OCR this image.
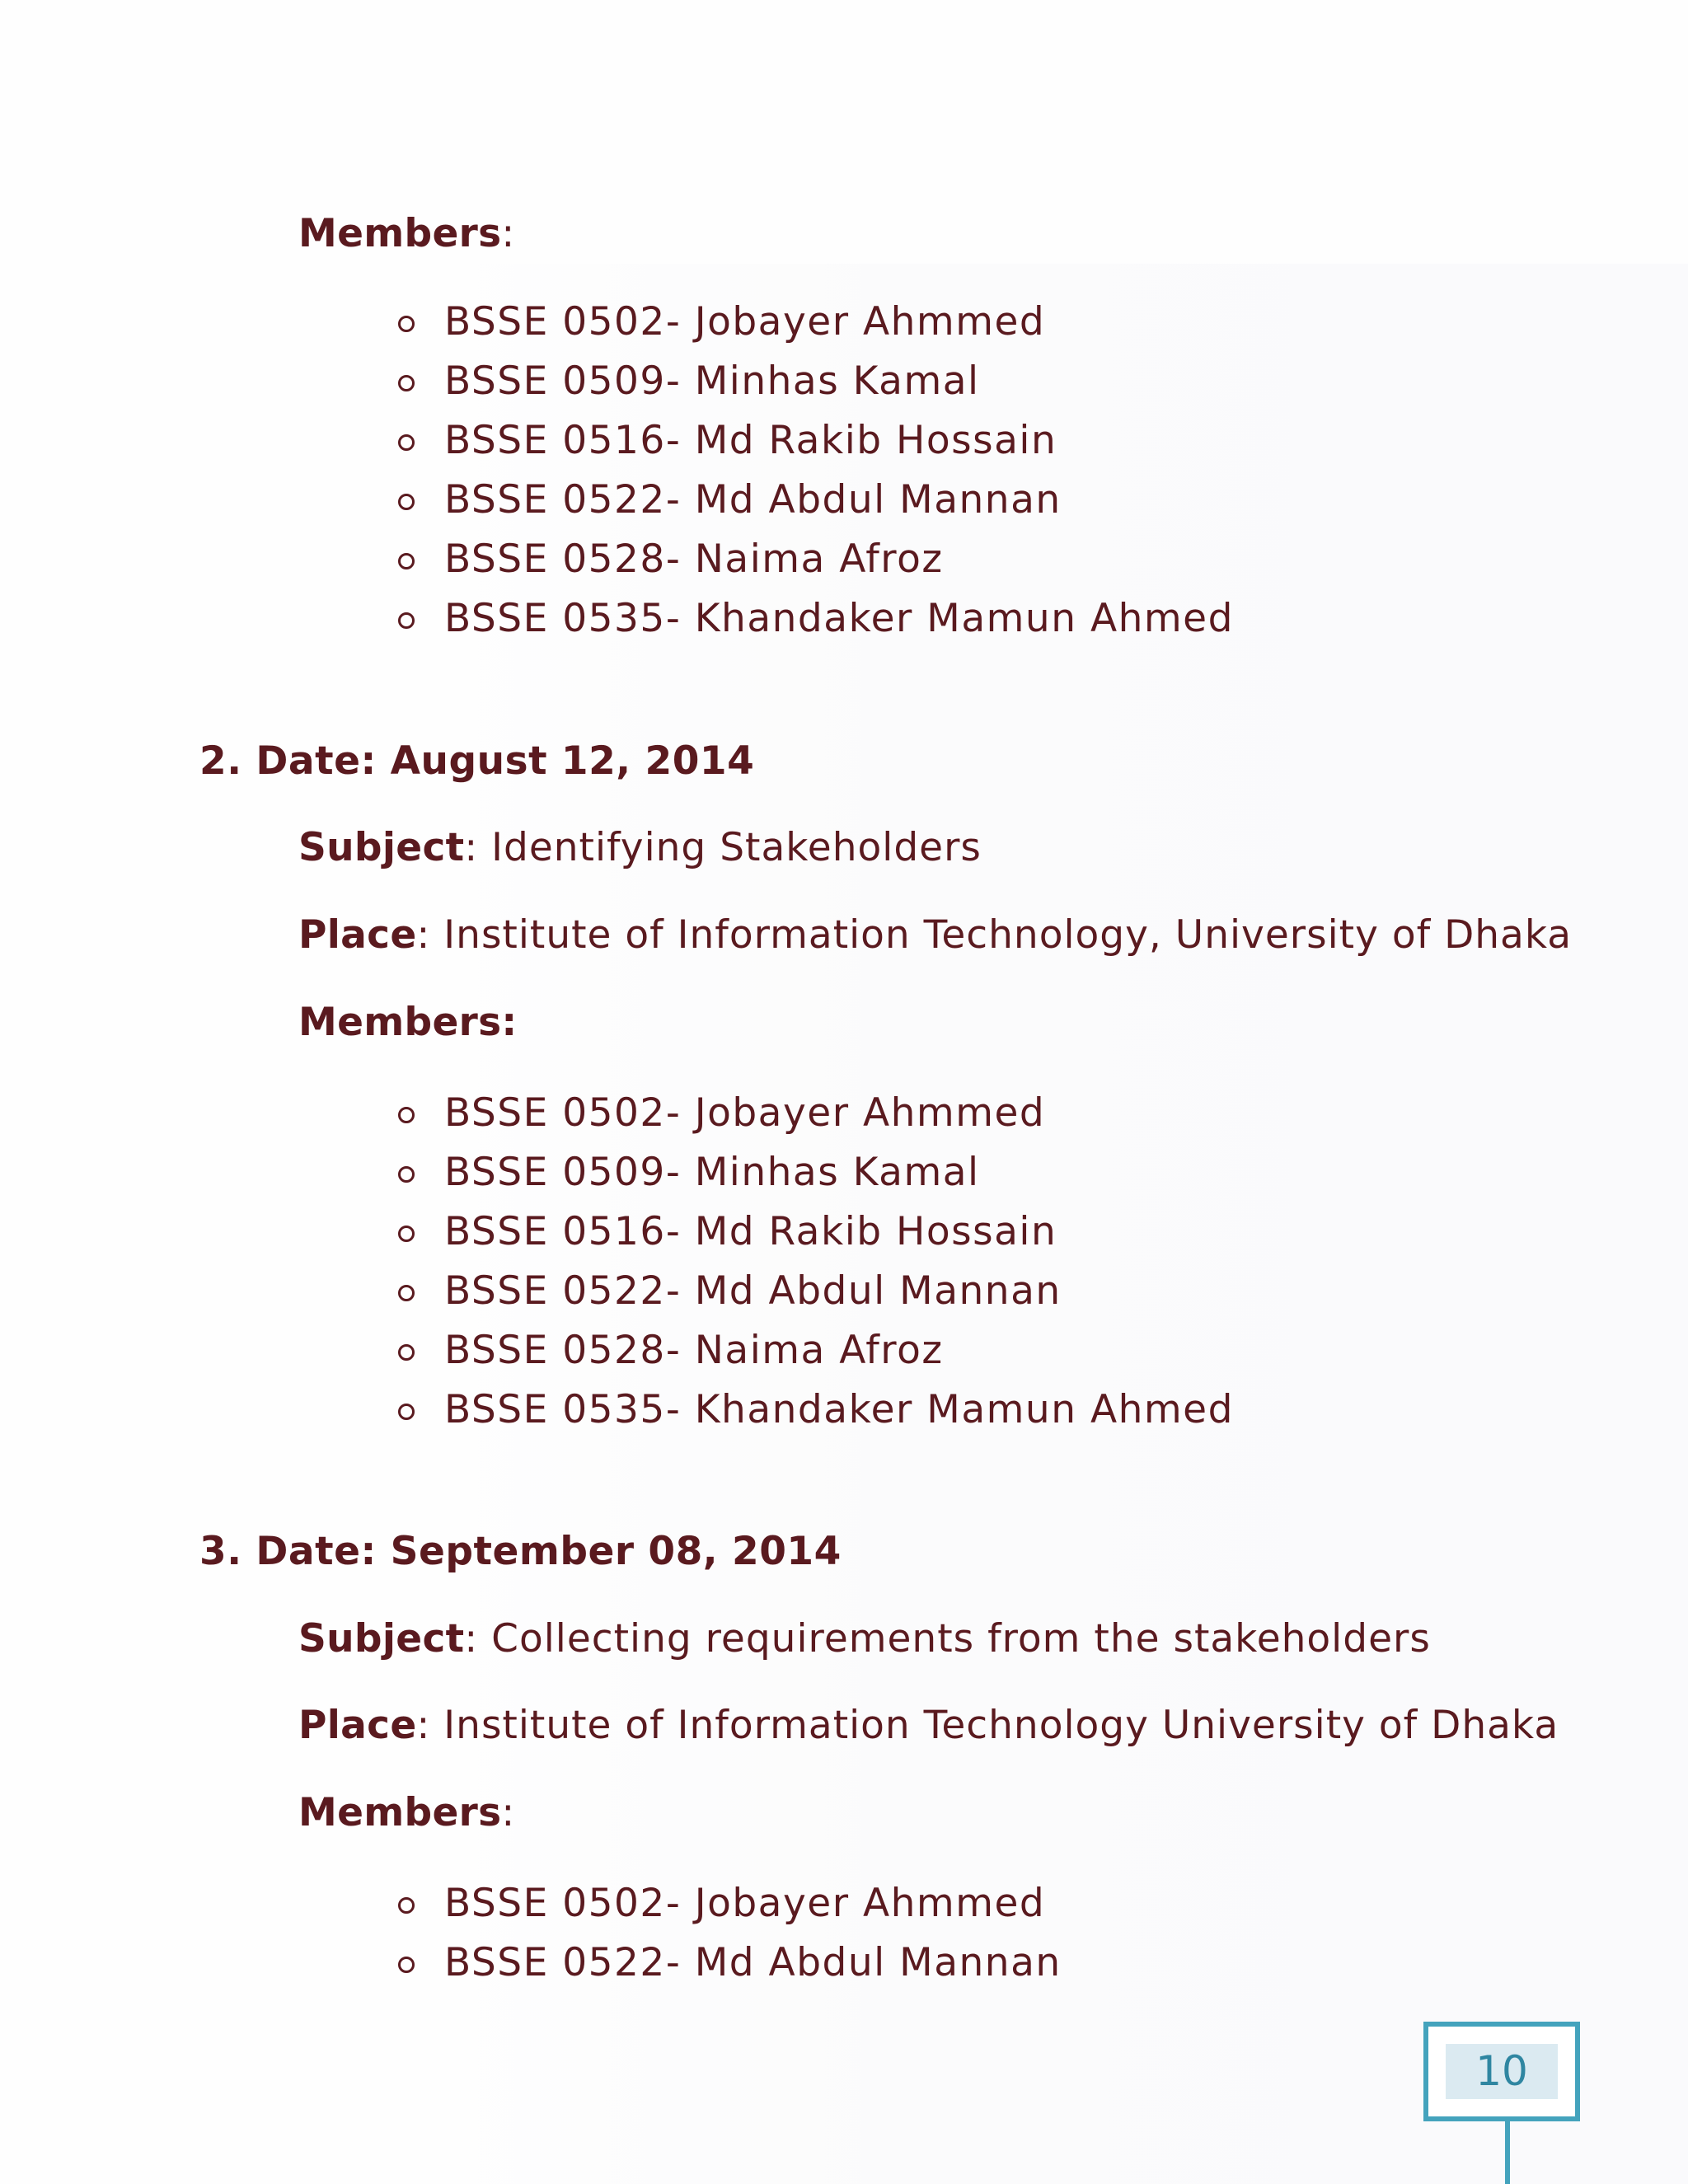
Members:
BSSE 0502- Jobayer Ahmmed
BSSE 0509- Minhas Kamal
BSSE 0516- Md Rakib Hossain
BSSE 0522- Md Abdul Mannan
BSSE 0528- Naima Afroz
BSSE 0535- Khandaker Mamun Ahmed
2. Date: August 12, 2014
Subject: Identifying Stakeholders
Place: Institute of Information Technology, University of Dhaka
Members:
BSSE 0502- Jobayer Ahmmed
BSSE 0509- Minhas Kamal
BSSE 0516- Md Rakib Hossain
BSSE 0522- Md Abdul Mannan
BSSE 0528- Naima Afroz
BSSE 0535- Khandaker Mamun Ahmed
3. Date: September 08, 2014
Subject: Collecting requirements from the stakeholders
Place: Institute of Information Technology University of Dhaka
Members:
BSSE 0502- Jobayer Ahmmed
BSSE 0522- Md Abdul Mannan
10
